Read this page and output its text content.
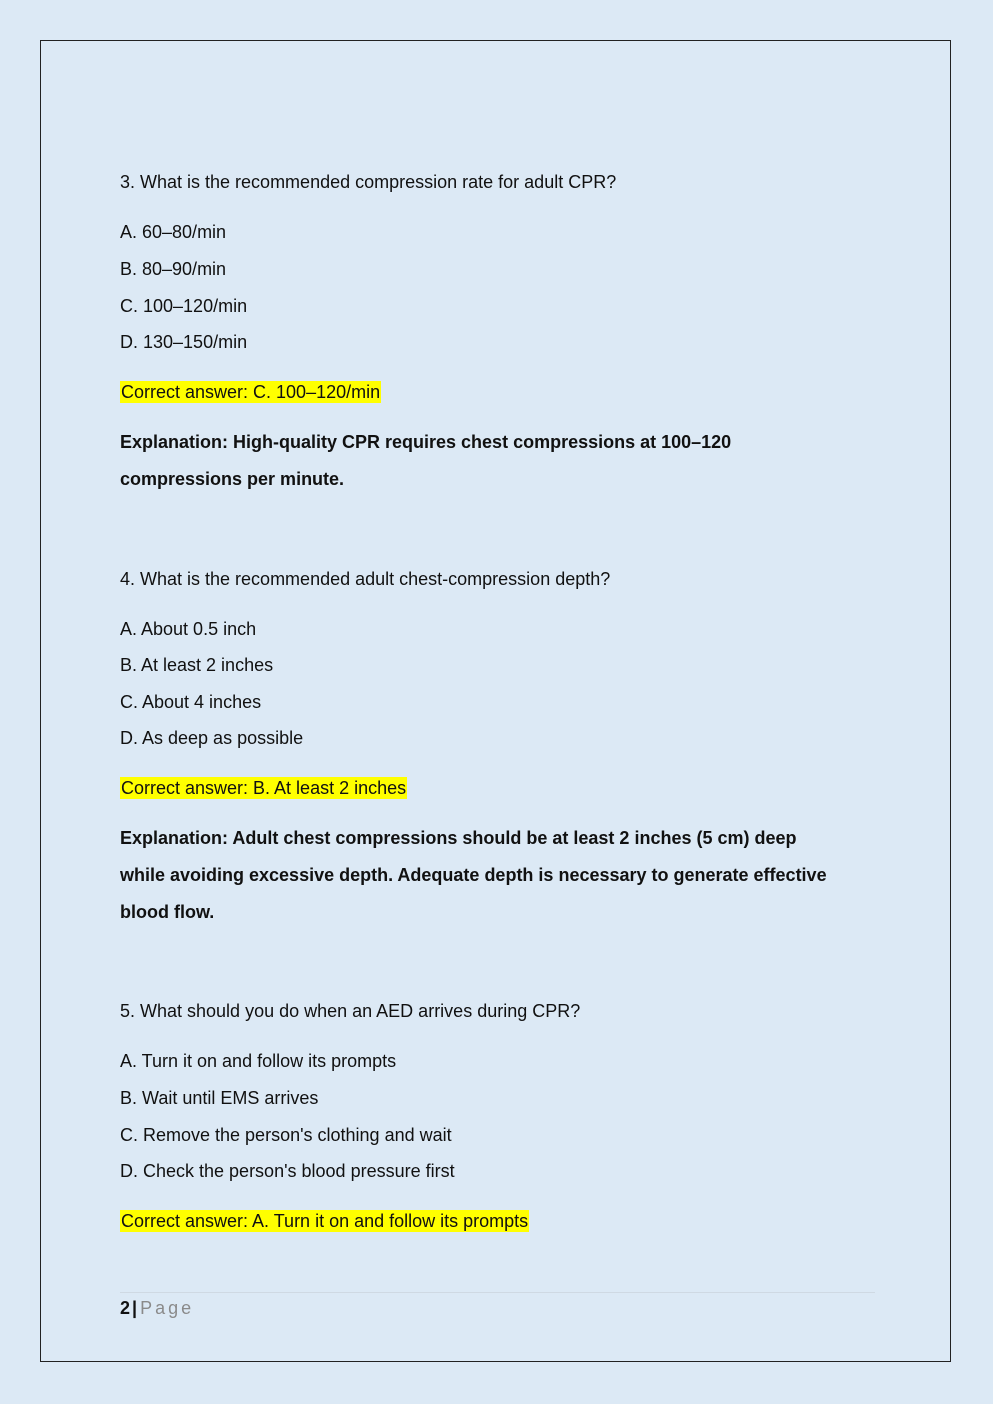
3. What is the recommended compression rate for adult CPR?
A. 60–80/min
B. 80–90/min
C. 100–120/min
D. 130–150/min
Correct answer: C. 100–120/min
Explanation: High-quality CPR requires chest compressions at 100–120
compressions per minute.
4. What is the recommended adult chest-compression depth?
A. About 0.5 inch
B. At least 2 inches
C. About 4 inches
D. As deep as possible
Correct answer: B. At least 2 inches
Explanation: Adult chest compressions should be at least 2 inches (5 cm) deep
while avoiding excessive depth. Adequate depth is necessary to generate effective
blood flow.
5. What should you do when an AED arrives during CPR?
A. Turn it on and follow its prompts
B. Wait until EMS arrives
C. Remove the person's clothing and wait
D. Check the person's blood pressure first
Correct answer: A. Turn it on and follow its prompts
2 | Page
